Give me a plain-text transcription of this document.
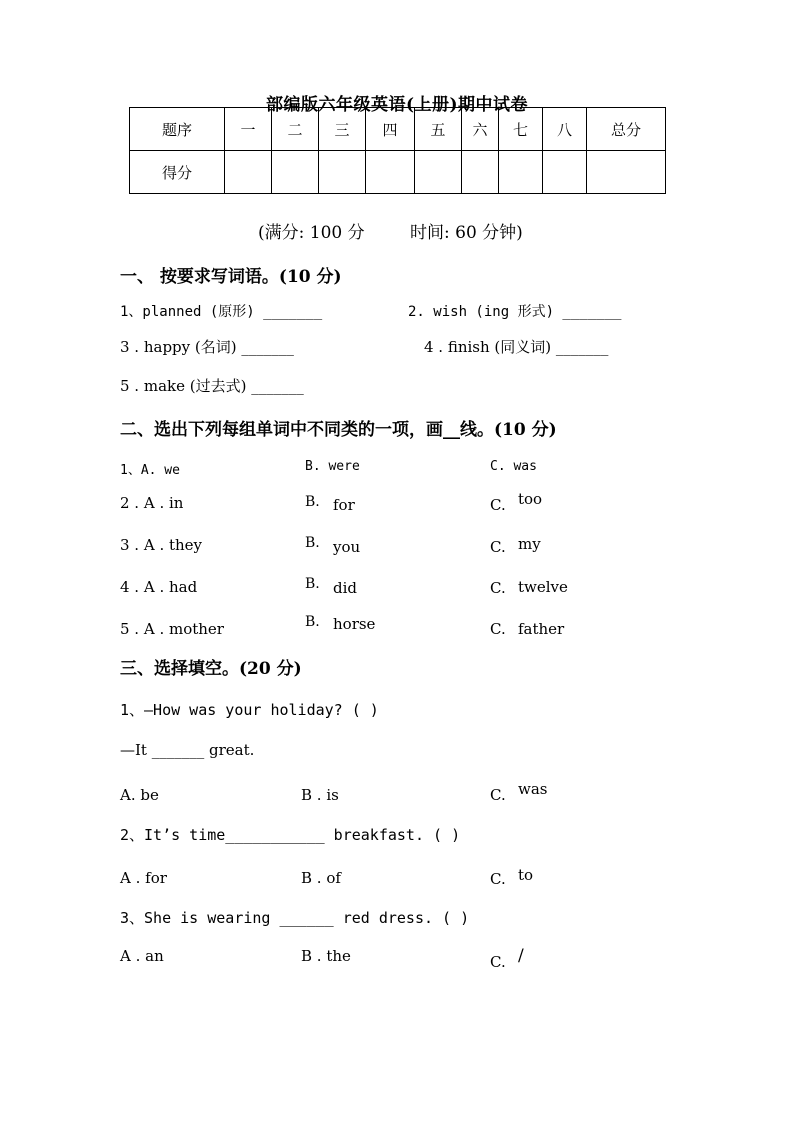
部编版六年级英语(上册)期中试卷
题序	一	二	三	四	五	六	七	八	总分
得分									
(满分: 100 分	时间: 60 分钟)
一、 按要求写词语。(10 分)
1、planned (原形) _______	2. wish (ing 形式) _______
3 . happy (名词) _______	4 . finish (同义词) _______
5 . make (过去式) _______
二、选出下列每组单词中不同类的一项，画__线。(10 分)
1、A. we	B. were	C. was
2 . A . in	B. for	C. too
3 . A . they	B. you	C. my
4 . A . had	B. did	C. twelve
5 . A . mother	B. horse	C. father
三、选择填空。(20 分)
1、—How was your holiday? ( )
—It _______ great.
A. be	B . is	C. was
2、It’s time___________ breakfast. ( )
A . for	B . of	C. to
3、She is wearing ______ red dress. ( )
A . an	B . the	C. /
